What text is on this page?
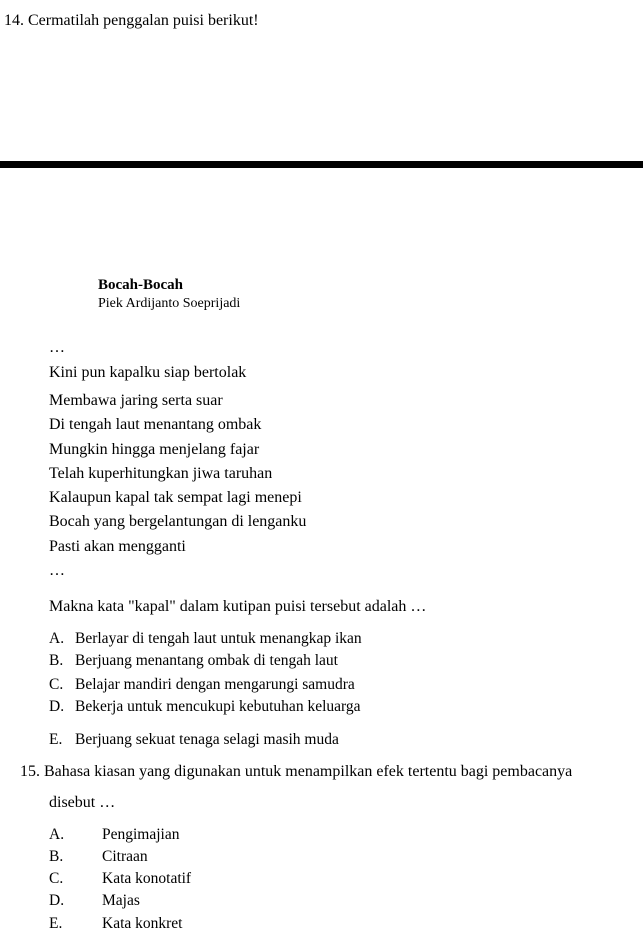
14. Cermatilah penggalan puisi berikut!
Bocah-Bocah
Piek Ardijanto Soeprijadi
…
Kini pun kapalku siap bertolak
Membawa jaring serta suar
Di tengah laut menantang ombak
Mungkin hingga menjelang fajar
Telah kuperhitungkan jiwa taruhan
Kalaupun kapal tak sempat lagi menepi
Bocah yang bergelantungan di lenganku
Pasti akan mengganti
…
Makna kata "kapal" dalam kutipan puisi tersebut adalah …
A. Berlayar di tengah laut untuk menangkap ikan
B. Berjuang menantang ombak di tengah laut
C. Belajar mandiri dengan mengarungi samudra
D. Bekerja untuk mencukupi kebutuhan keluarga
E. Berjuang sekuat tenaga selagi masih muda
15. Bahasa kiasan yang digunakan untuk menampilkan efek tertentu bagi pembacanya
disebut …
A. Pengimajian
B.	Citraan
C.	Kata konotatif
D. Majas
E.	Kata konkret
